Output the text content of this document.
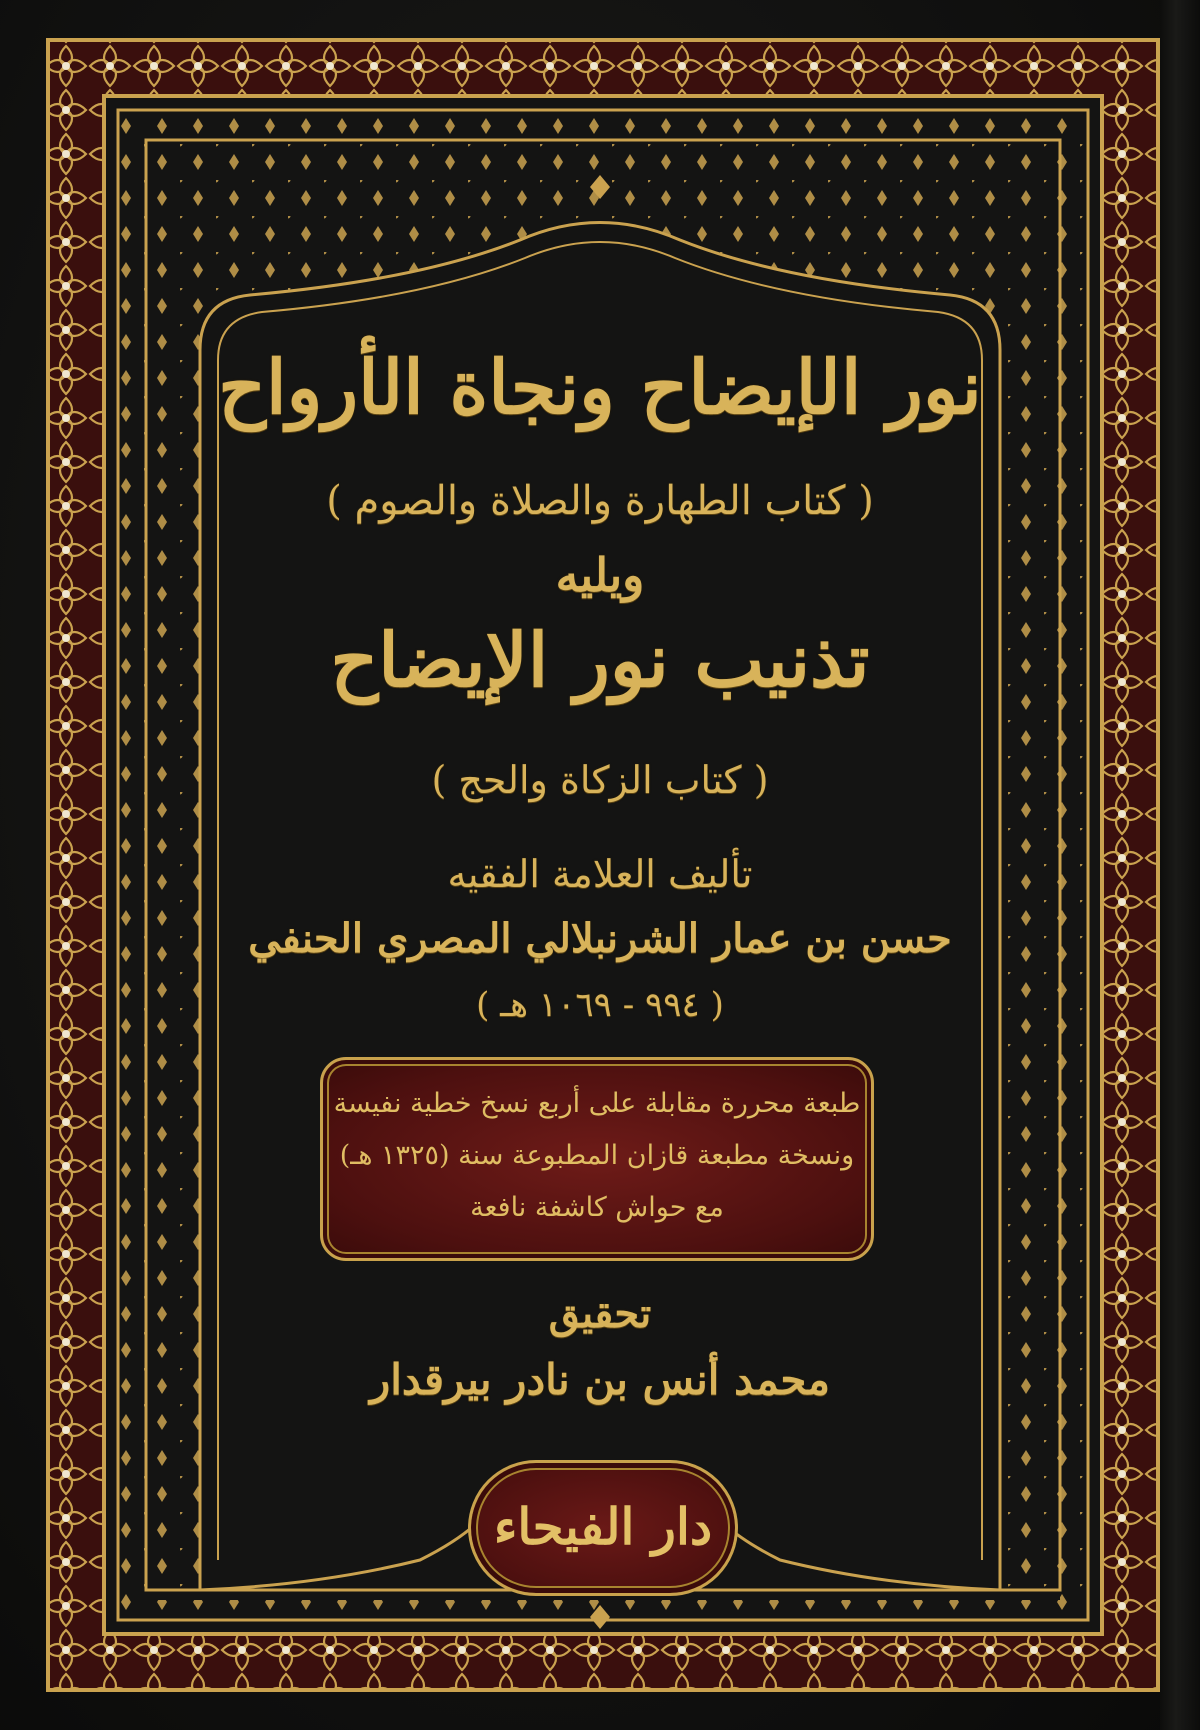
نور الإيضاح ونجاة الأرواح
( كتاب الطهارة والصلاة والصوم )
ويليه
تذنيب نور الإيضاح
( كتاب الزكاة والحج )
تأليف العلامة الفقيه
حسن بن عمار الشرنبلالي المصري الحنفي
( ٩٩٤ - ١٠٦٩ هـ )
طبعة محررة مقابلة على أربع نسخ خطية نفيسة
ونسخة مطبعة قازان المطبوعة سنة (١٣٢٥ هـ)
مع حواش كاشفة نافعة
تحقيق
محمد أنس بن نادر بيرقدار
دار الفيحاء
